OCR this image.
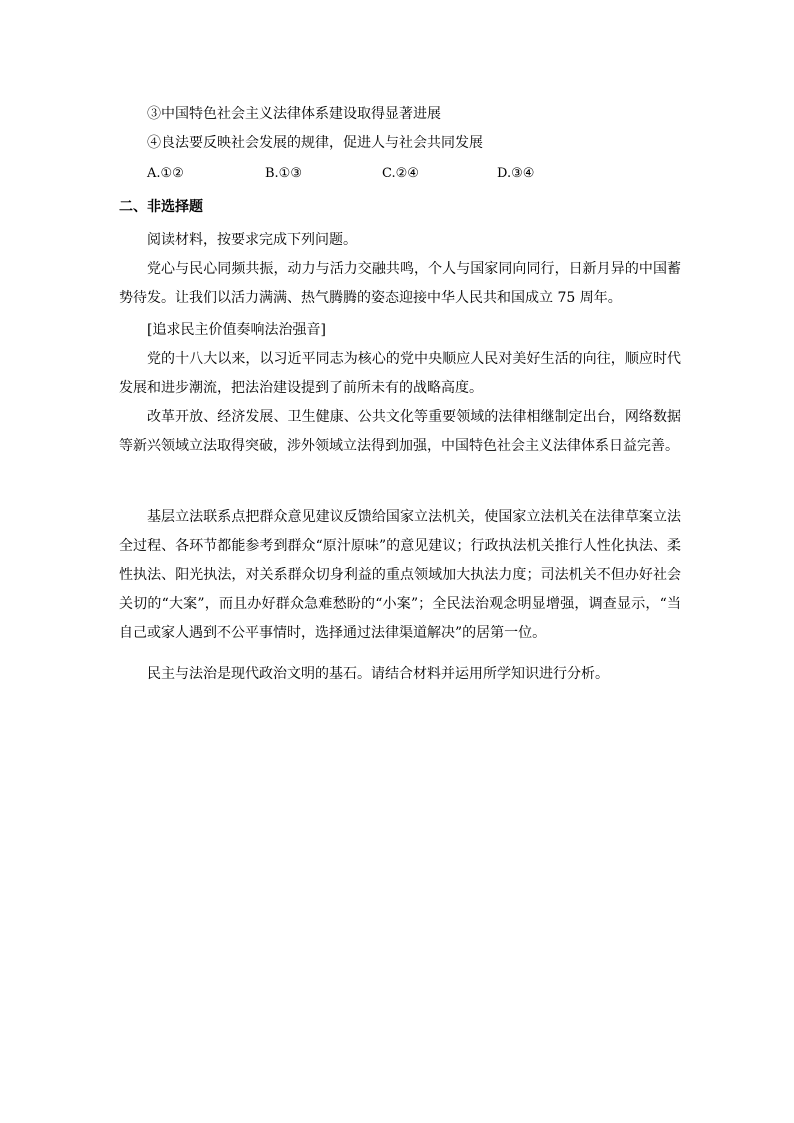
③中国特色社会主义法律体系建设取得显著进展
④良法要反映社会发展的规律，促进人与社会共同发展
A.①②	B.①③	C.②④	D.③④
二、非选择题
阅读材料，按要求完成下列问题。
党心与民心同频共振，动力与活力交融共鸣，个人与国家同向同行，日新月异的中国蓄势待发。让我们以活力满满、热气腾腾的姿态迎接中华人民共和国成立 75 周年。
[追求民主价值奏响法治强音]
党的十八大以来，以习近平同志为核心的党中央顺应人民对美好生活的向往，顺应时代发展和进步潮流，把法治建设提到了前所未有的战略高度。
改革开放、经济发展、卫生健康、公共文化等重要领域的法律相继制定出台，网络数据等新兴领域立法取得突破，涉外领域立法得到加强，中国特色社会主义法律体系日益完善。
基层立法联系点把群众意见建议反馈给国家立法机关，使国家立法机关在法律草案立法全过程、各环节都能参考到群众“原汁原味”的意见建议；行政执法机关推行人性化执法、柔性执法、阳光执法，对关系群众切身利益的重点领域加大执法力度；司法机关不但办好社会关切的“大案”，而且办好群众急难愁盼的“小案”；全民法治观念明显增强，调查显示，“当自己或家人遇到不公平事情时，选择通过法律渠道解决”的居第一位。
民主与法治是现代政治文明的基石。请结合材料并运用所学知识进行分析。
